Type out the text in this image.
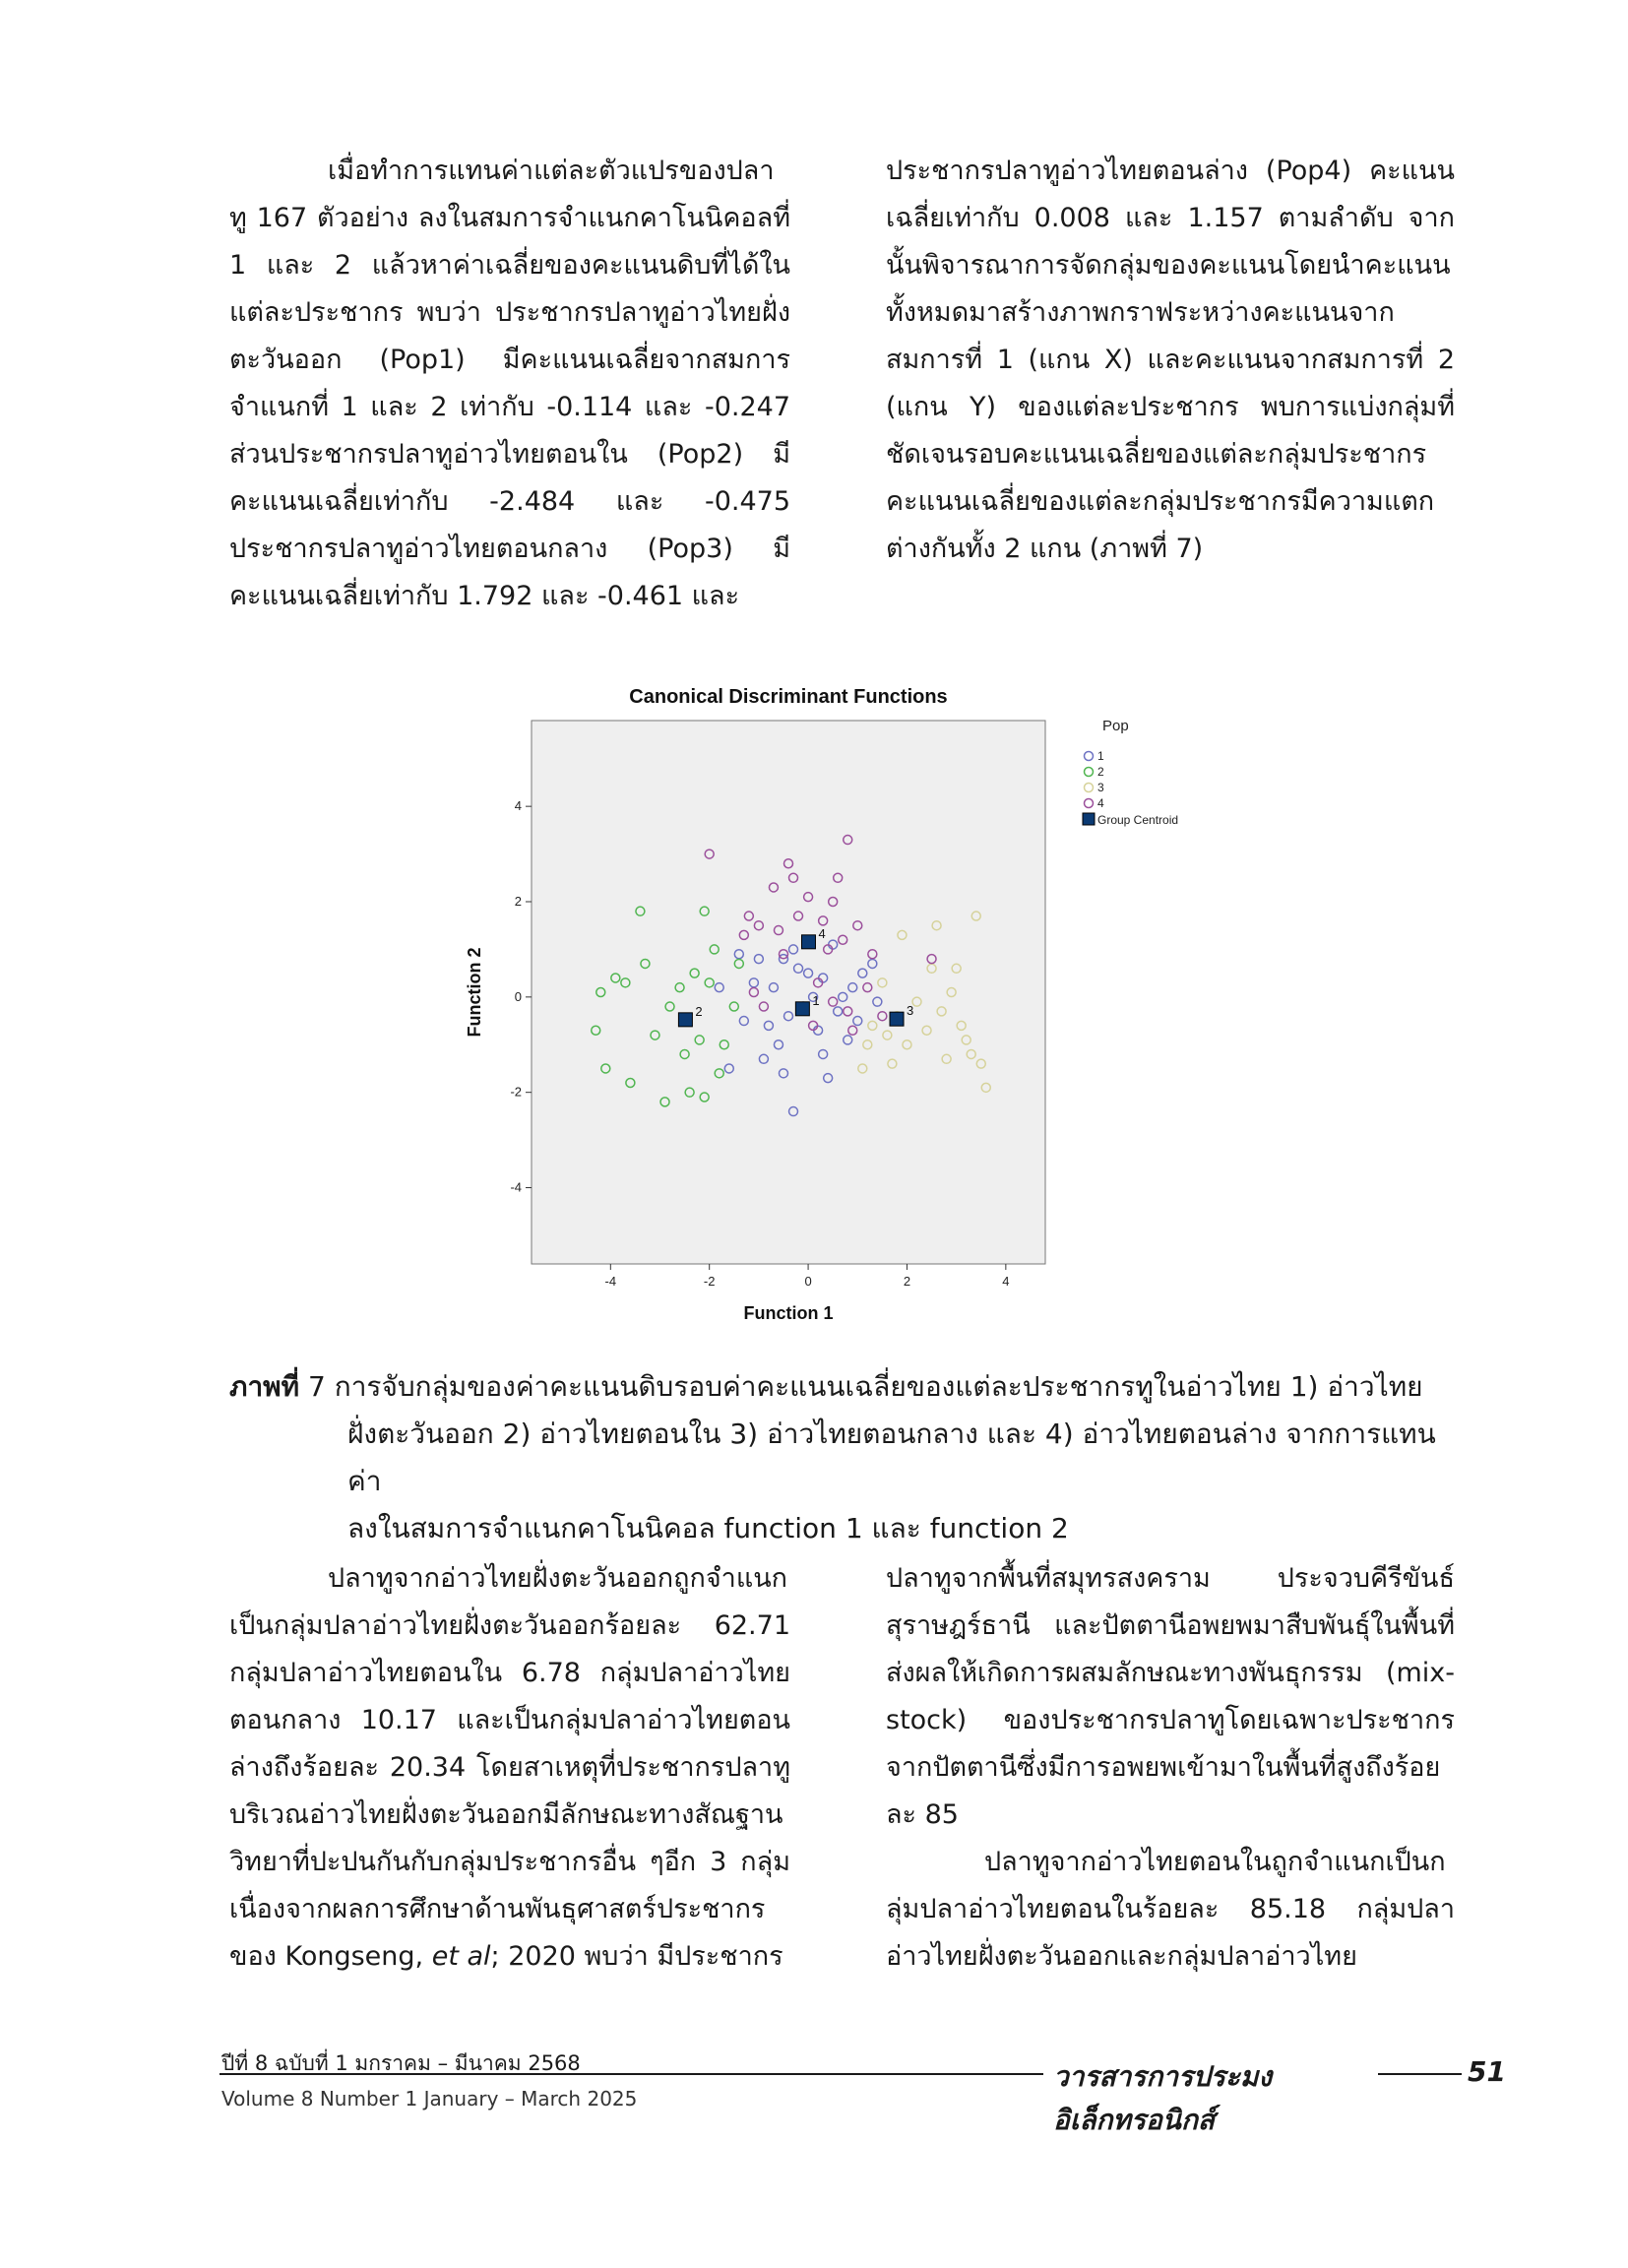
เมื่อทำการแทนค่าแต่ละตัวแปรของปลาทู 167 ตัวอย่าง ลงในสมการจำแนกคาโนนิคอลที่ 1 และ 2 แล้วหาค่าเฉลี่ยของคะแนนดิบที่ได้ในแต่ละประชากร พบว่า ประชากรปลาทูอ่าวไทยฝั่งตะวันออก (Pop1) มีคะแนนเฉลี่ยจากสมการจำแนกที่ 1 และ 2 เท่ากับ -0.114 และ -0.247 ส่วนประชากรปลาทูอ่าวไทยตอนใน (Pop2) มีคะแนนเฉลี่ยเท่ากับ -2.484 และ -0.475 ประชากรปลาทูอ่าวไทยตอนกลาง (Pop3) มีคะแนนเฉลี่ยเท่ากับ 1.792 และ -0.461 และ

ประชากรปลาทูอ่าวไทยตอนล่าง (Pop4) คะแนนเฉลี่ยเท่ากับ 0.008 และ 1.157 ตามลำดับ จากนั้นพิจารณาการจัดกลุ่มของคะแนนโดยนำคะแนนทั้งหมดมาสร้างภาพกราฟระหว่างคะแนนจากสมการที่ 1 (แกน X) และคะแนนจากสมการที่ 2 (แกน Y) ของแต่ละประชากร พบการแบ่งกลุ่มที่ชัดเจนรอบคะแนนเฉลี่ยของแต่ละกลุ่มประชากร คะแนนเฉลี่ยของแต่ละกลุ่มประชากรมีความแตกต่างกันทั้ง 2 แกน (ภาพที่ 7)

Canonical Discriminant Functions
-4	-2	0	2	4
-4
-2
0
2
4
Function 1
Function 2	1
2	3
4
Pop
1
2
3
4
Group Centroid
ภาพที่ 7 การจับกลุ่มของค่าคะแนนดิบรอบค่าคะแนนเฉลี่ยของแต่ละประชากรทูในอ่าวไทย 1) อ่าวไทย
ฝั่งตะวันออก 2) อ่าวไทยตอนใน 3) อ่าวไทยตอนกลาง และ 4) อ่าวไทยตอนล่าง จากการแทนค่า
ลงในสมการจำแนกคาโนนิคอล function 1 และ function 2

ปลาทูจากอ่าวไทยฝั่งตะวันออกถูกจำแนกเป็นกลุ่มปลาอ่าวไทยฝั่งตะวันออกร้อยละ 62.71 กลุ่มปลาอ่าวไทยตอนใน 6.78 กลุ่มปลาอ่าวไทยตอนกลาง 10.17 และเป็นกลุ่มปลาอ่าวไทยตอนล่างถึงร้อยละ 20.34 โดยสาเหตุที่ประชากรปลาทูบริเวณอ่าวไทยฝั่งตะวันออกมีลักษณะทางสัณฐานวิทยาที่ปะปนกันกับกลุ่มประชากรอื่น ๆอีก 3 กลุ่ม เนื่องจากผลการศึกษาด้านพันธุศาสตร์ประชากรของ Kongseng, et al; 2020 พบว่า มีประชากร

ปลาทูจากพื้นที่สมุทรสงคราม ประจวบคีรีขันธ์ สุราษฎร์ธานี และปัตตานีอพยพมาสืบพันธุ์ในพื้นที่ ส่งผลให้เกิดการผสมลักษณะทางพันธุกรรม (mix-stock) ของประชากรปลาทูโดยเฉพาะประชากรจากปัตตานีซึ่งมีการอพยพเข้ามาในพื้นที่สูงถึงร้อยละ 85

ปลาทูจากอ่าวไทยตอนในถูกจำแนกเป็นกลุ่มปลาอ่าวไทยตอนในร้อยละ 85.18 กลุ่มปลาอ่าวไทยฝั่งตะวันออกและกลุ่มปลาอ่าวไทย

ปีที่ 8 ฉบับที่ 1 มกราคม – มีนาคม 2568
Volume 8 Number 1 January – March 2025
วารสารการประมงอิเล็กทรอนิกส์
51
